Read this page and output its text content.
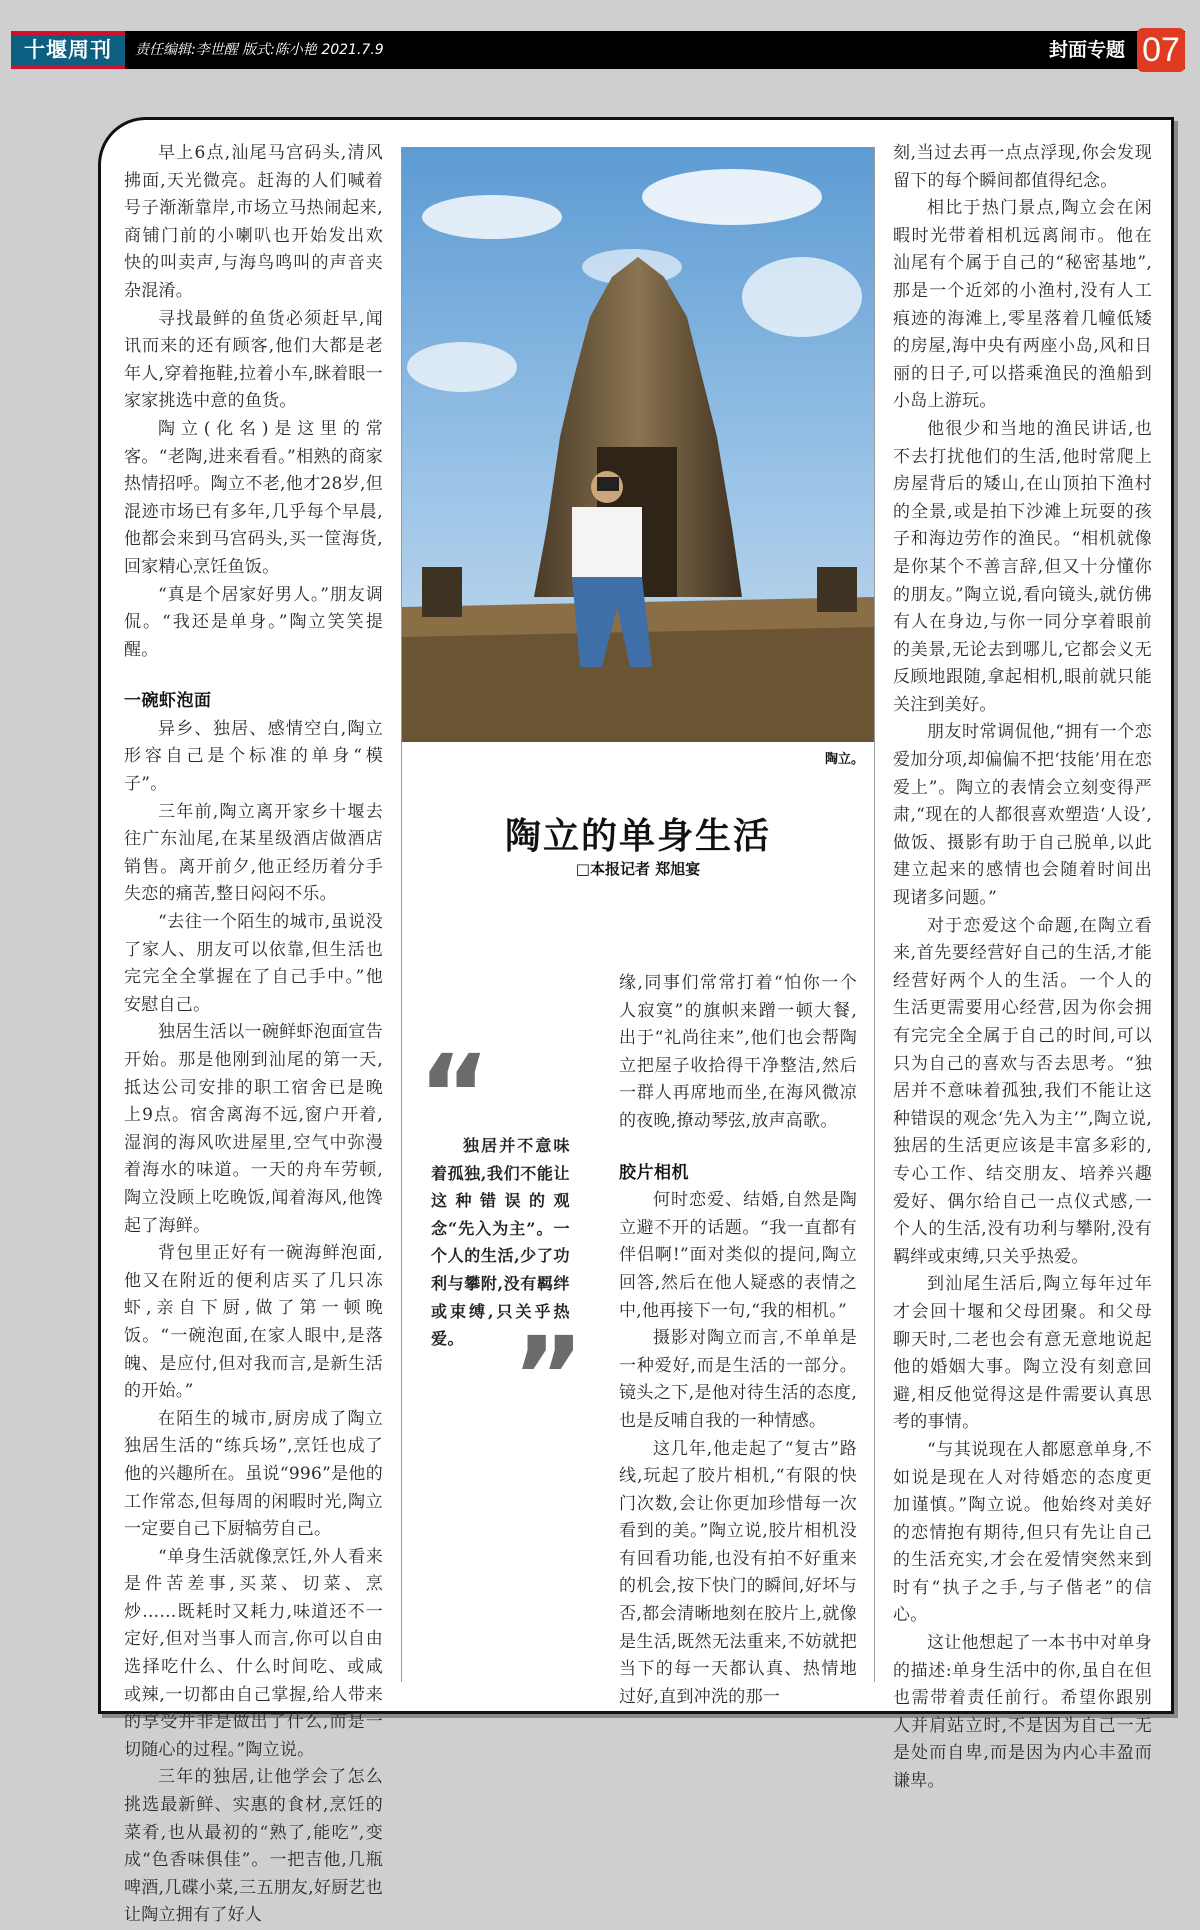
十堰周刊	责任编辑:李世醒 版式:陈小艳 2021.7.9	封面专题 07

早上6点,汕尾马宫码头,清风拂面,天光微亮。赶海的人们喊着号子渐渐靠岸,市场立马热闹起来,商铺门前的小喇叭也开始发出欢快的叫卖声,与海鸟鸣叫的声音夹杂混淆。

寻找最鲜的鱼货必须赶早,闻讯而来的还有顾客,他们大都是老年人,穿着拖鞋,拉着小车,眯着眼一家家挑选中意的鱼货。

陶立(化名)是这里的常客。“老陶,进来看看。”相熟的商家热情招呼。陶立不老,他才28岁,但混迹市场已有多年,几乎每个早晨,他都会来到马宫码头,买一筐海货,回家精心烹饪鱼饭。

“真是个居家好男人。”朋友调侃。“我还是单身。”陶立笑笑提醒。

一碗虾泡面

异乡、独居、感情空白,陶立形容自己是个标准的单身“模子”。

三年前,陶立离开家乡十堰去往广东汕尾,在某星级酒店做酒店销售。离开前夕,他正经历着分手失恋的痛苦,整日闷闷不乐。

“去往一个陌生的城市,虽说没了家人、朋友可以依靠,但生活也完完全全掌握在了自己手中。”他安慰自己。

独居生活以一碗鲜虾泡面宣告开始。那是他刚到汕尾的第一天,抵达公司安排的职工宿舍已是晚上9点。宿舍离海不远,窗户开着,湿润的海风吹进屋里,空气中弥漫着海水的味道。一天的舟车劳顿,陶立没顾上吃晚饭,闻着海风,他馋起了海鲜。

背包里正好有一碗海鲜泡面,他又在附近的便利店买了几只冻虾,亲自下厨,做了第一顿晚饭。“一碗泡面,在家人眼中,是落魄、是应付,但对我而言,是新生活的开始。”

在陌生的城市,厨房成了陶立独居生活的“练兵场”,烹饪也成了他的兴趣所在。虽说“996”是他的工作常态,但每周的闲暇时光,陶立一定要自己下厨犒劳自己。

“单身生活就像烹饪,外人看来是件苦差事,买菜、切菜、烹炒……既耗时又耗力,味道还不一定好,但对当事人而言,你可以自由选择吃什么、什么时间吃、或咸或辣,一切都由自己掌握,给人带来的享受并非是做出了什么,而是一切随心的过程。”陶立说。

三年的独居,让他学会了怎么挑选最新鲜、实惠的食材,烹饪的菜肴,也从最初的“熟了,能吃”,变成“色香味俱佳”。一把吉他,几瓶啤酒,几碟小菜,三五朋友,好厨艺也让陶立拥有了好人

陶立。
陶立的单身生活
□本报记者 郑旭宴
“

独居并不意味着孤独,我们不能让这种错误的观念“先入为主”。一个人的生活,少了功利与攀附,没有羁绊或束缚,只关乎热爱。 ”

缘,同事们常常打着“怕你一个人寂寞”的旗帜来蹭一顿大餐,出于“礼尚往来”,他们也会帮陶立把屋子收拾得干净整洁,然后一群人再席地而坐,在海风微凉的夜晚,撩动琴弦,放声高歌。

胶片相机

何时恋爱、结婚,自然是陶立避不开的话题。“我一直都有伴侣啊!”面对类似的提问,陶立回答,然后在他人疑惑的表情之中,他再接下一句,“我的相机。”

摄影对陶立而言,不单单是一种爱好,而是生活的一部分。镜头之下,是他对待生活的态度,也是反哺自我的一种情感。

这几年,他走起了“复古”路线,玩起了胶片相机,“有限的快门次数,会让你更加珍惜每一次看到的美。”陶立说,胶片相机没有回看功能,也没有拍不好重来的机会,按下快门的瞬间,好坏与否,都会清晰地刻在胶片上,就像是生活,既然无法重来,不妨就把当下的每一天都认真、热情地过好,直到冲洗的那一

刻,当过去再一点点浮现,你会发现留下的每个瞬间都值得纪念。

相比于热门景点,陶立会在闲暇时光带着相机远离闹市。他在汕尾有个属于自己的“秘密基地”,那是一个近郊的小渔村,没有人工痕迹的海滩上,零星落着几幢低矮的房屋,海中央有两座小岛,风和日丽的日子,可以搭乘渔民的渔船到小岛上游玩。

他很少和当地的渔民讲话,也不去打扰他们的生活,他时常爬上房屋背后的矮山,在山顶拍下渔村的全景,或是拍下沙滩上玩耍的孩子和海边劳作的渔民。“相机就像是你某个不善言辞,但又十分懂你的朋友。”陶立说,看向镜头,就仿佛有人在身边,与你一同分享着眼前的美景,无论去到哪儿,它都会义无反顾地跟随,拿起相机,眼前就只能关注到美好。

朋友时常调侃他,“拥有一个恋爱加分项,却偏偏不把‘技能’用在恋爱上”。陶立的表情会立刻变得严肃,“现在的人都很喜欢塑造‘人设’,做饭、摄影有助于自己脱单,以此建立起来的感情也会随着时间出现诸多问题。”

对于恋爱这个命题,在陶立看来,首先要经营好自己的生活,才能经营好两个人的生活。一个人的生活更需要用心经营,因为你会拥有完完全全属于自己的时间,可以只为自己的喜欢与否去思考。“独居并不意味着孤独,我们不能让这种错误的观念‘先入为主’”,陶立说,独居的生活更应该是丰富多彩的,专心工作、结交朋友、培养兴趣爱好、偶尔给自己一点仪式感,一个人的生活,没有功利与攀附,没有羁绊或束缚,只关乎热爱。

到汕尾生活后,陶立每年过年才会回十堰和父母团聚。和父母聊天时,二老也会有意无意地说起他的婚姻大事。陶立没有刻意回避,相反他觉得这是件需要认真思考的事情。

“与其说现在人都愿意单身,不如说是现在人对待婚恋的态度更加谨慎。”陶立说。他始终对美好的恋情抱有期待,但只有先让自己的生活充实,才会在爱情突然来到时有“执子之手,与子偕老”的信心。

这让他想起了一本书中对单身的描述:单身生活中的你,虽自在但也需带着责任前行。希望你跟别人并肩站立时,不是因为自己一无是处而自卑,而是因为内心丰盈而谦卑。
